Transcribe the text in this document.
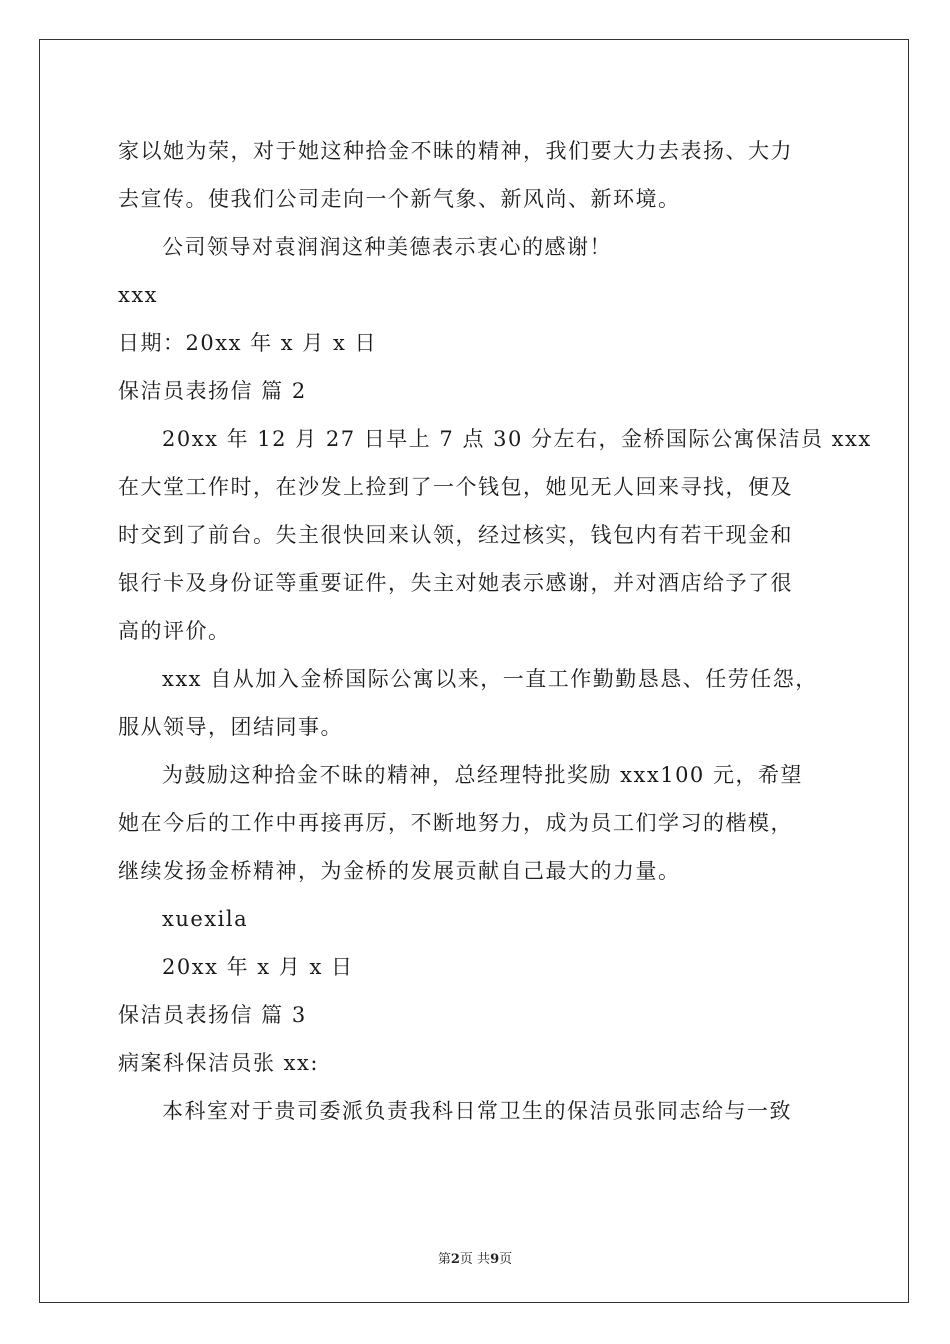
家以她为荣，对于她这种拾金不昧的精神，我们要大力去表扬、大力
去宣传。使我们公司走向一个新气象、新风尚、新环境。
公司领导对袁润润这种美德表示衷心的感谢！
xxx
日期：20xx 年 x 月 x 日
保洁员表扬信 篇 2
20xx 年 12 月 27 日早上 7 点 30 分左右，金桥国际公寓保洁员 xxx
在大堂工作时，在沙发上捡到了一个钱包，她见无人回来寻找，便及
时交到了前台。失主很快回来认领，经过核实，钱包内有若干现金和
银行卡及身份证等重要证件，失主对她表示感谢，并对酒店给予了很
高的评价。
xxx 自从加入金桥国际公寓以来，一直工作勤勤恳恳、任劳任怨，
服从领导，团结同事。
为鼓励这种拾金不昧的精神，总经理特批奖励 xxx100 元，希望
她在今后的工作中再接再厉，不断地努力，成为员工们学习的楷模，
继续发扬金桥精神，为金桥的发展贡献自己最大的力量。
xuexila
20xx 年 x 月 x 日
保洁员表扬信 篇 3
病案科保洁员张 xx:
本科室对于贵司委派负责我科日常卫生的保洁员张同志给与一致
第2页 共9页
